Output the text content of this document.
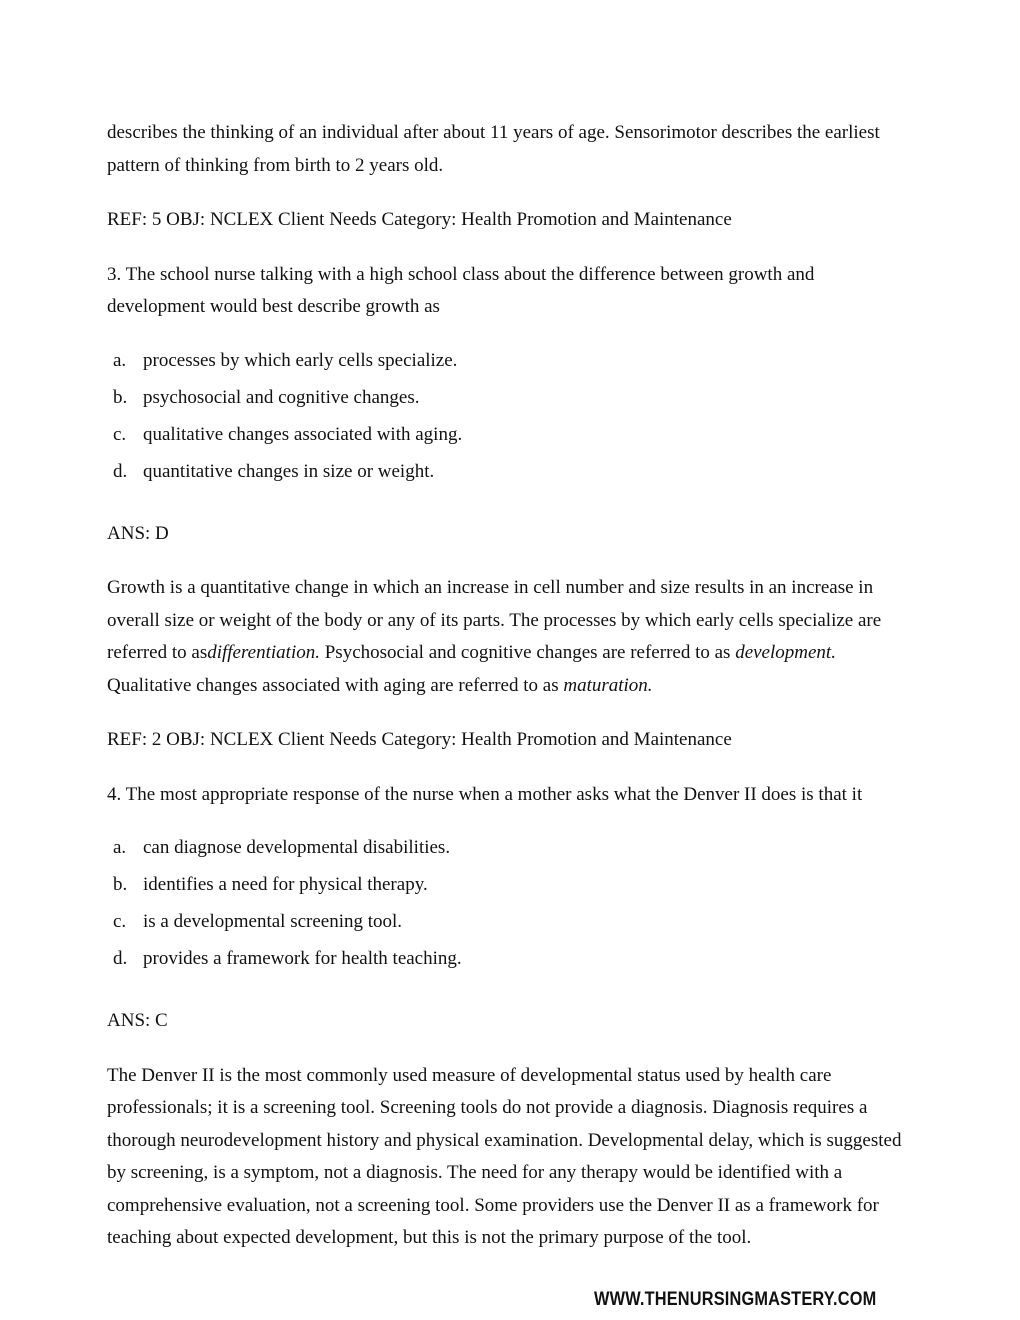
describes the thinking of an individual after about 11 years of age. Sensorimotor describes the earliest pattern of thinking from birth to 2 years old.

REF: 5 OBJ: NCLEX Client Needs Category: Health Promotion and Maintenance

3. The school nurse talking with a high school class about the difference between growth and development would best describe growth as

a. processes by which early cells specialize.
b. psychosocial and cognitive changes.
c. qualitative changes associated with aging.
d. quantitative changes in size or weight.

ANS: D

Growth is a quantitative change in which an increase in cell number and size results in an increase in overall size or weight of the body or any of its parts. The processes by which early cells specialize are referred to asdifferentiation. Psychosocial and cognitive changes are referred to as development. Qualitative changes associated with aging are referred to as maturation.

REF: 2 OBJ: NCLEX Client Needs Category: Health Promotion and Maintenance

4. The most appropriate response of the nurse when a mother asks what the Denver II does is that it

a. can diagnose developmental disabilities.
b. identifies a need for physical therapy.
c. is a developmental screening tool.
d. provides a framework for health teaching.

ANS: C

The Denver II is the most commonly used measure of developmental status used by health care professionals; it is a screening tool. Screening tools do not provide a diagnosis. Diagnosis requires a thorough neurodevelopment history and physical examination. Developmental delay, which is suggested by screening, is a symptom, not a diagnosis. The need for any therapy would be identified with a comprehensive evaluation, not a screening tool. Some providers use the Denver II as a framework for teaching about expected development, but this is not the primary purpose of the tool.

WWW.THENURSINGMASTERY.COM
